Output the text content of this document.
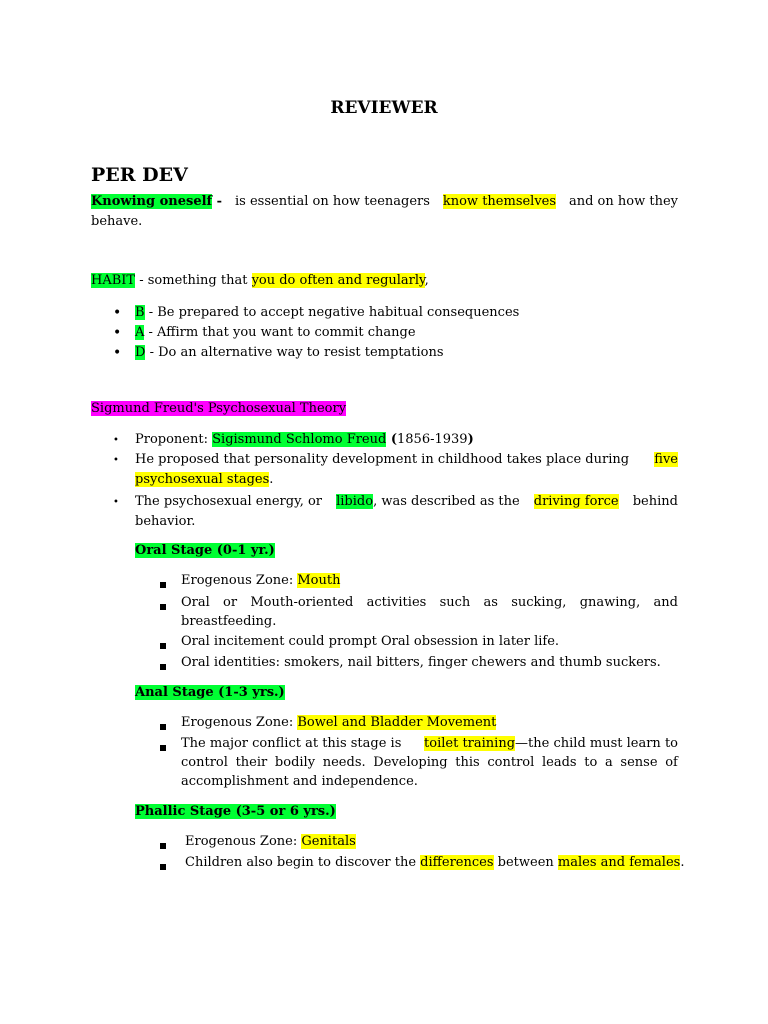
REVIEWER
PER DEV
Knowing oneself - is essential on how teenagers know themselves and on how they
behave.
HABIT - something that you do often and regularly,
• B - Be prepared to accept negative habitual consequences
• A - Affirm that you want to commit change
• D - Do an alternative way to resist temptations
Sigmund Freud's Psychosexual Theory
• Proponent: Sigismund Schlomo Freud (1856-1939)
• He proposed that personality development in childhood takes place during five
psychosexual stages.
• The psychosexual energy, or libido, was described as the driving force behind
behavior.
Oral Stage (0-1 yr.)
Erogenous Zone: Mouth
Oral or Mouth-oriented activities such as sucking, gnawing, and
breastfeeding.
Oral incitement could prompt Oral obsession in later life.
Oral identities: smokers, nail bitters, finger chewers and thumb suckers.
Anal Stage (1-3 yrs.)
Erogenous Zone: Bowel and Bladder Movement
The major conflict at this stage is toilet training—the child must learn to
control their bodily needs. Developing this control leads to a sense of
accomplishment and independence.
Phallic Stage (3-5 or 6 yrs.)
Erogenous Zone: Genitals
Children also begin to discover the differences between males and females.
